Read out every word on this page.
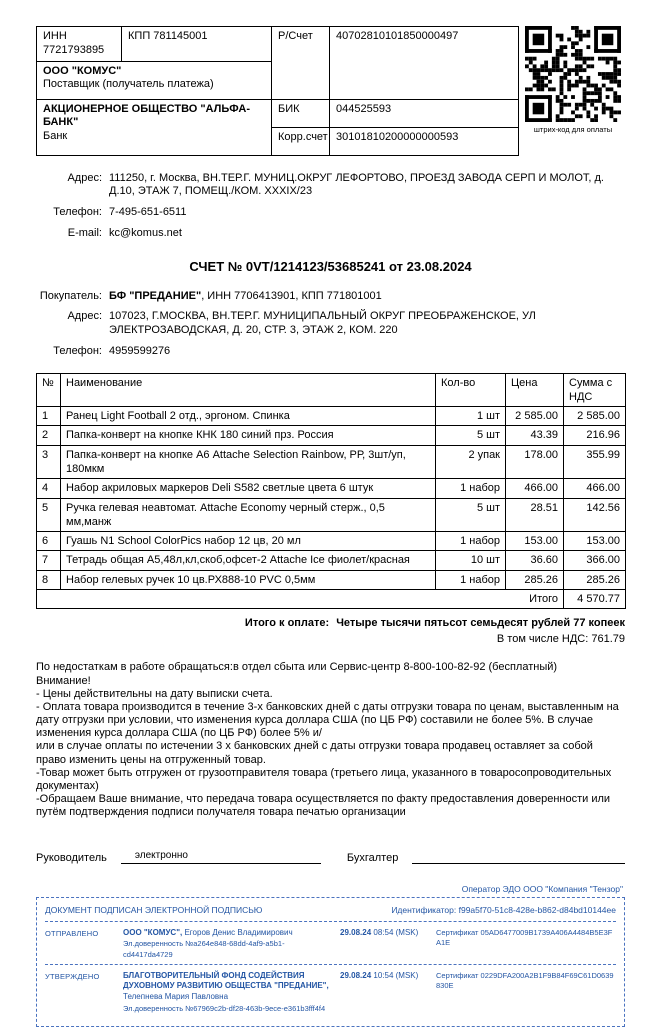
ИНН 7721793895	КПП 781145001	Р/Счет	40702810101850000497

ООО "КОМУС"
Поставщик (получатель платежа)			

АКЦИОНЕРНОЕ ОБЩЕСТВО "АЛЬФА-БАНК"
Банк		БИК	044525593
		Корр.счет	30101810200000000593
штрих-код для оплаты
Адрес: 111250, г. Москва, ВН.ТЕР.Г. МУНИЦ.ОКРУГ ЛЕФОРТОВО, ПРОЕЗД ЗАВОДА СЕРП И МОЛОТ, д. Д.10, ЭТАЖ 7, ПОМЕЩ./КОМ. XXXIX/23
Телефон: 7-495-651-6511
E-mail: kc@komus.net
СЧЕТ № 0VT/1214123/53685241 от 23.08.2024
Покупатель: БФ "ПРЕДАНИЕ", ИНН 7706413901, КПП 771801001
Адрес: 107023, Г.МОСКВА, ВН.ТЕР.Г. МУНИЦИПАЛЬНЫЙ ОКРУГ ПРЕОБРАЖЕНСКОЕ, УЛ ЭЛЕКТРОЗАВОДСКАЯ, Д. 20, СТР. 3, ЭТАЖ 2, КОМ. 220
Телефон: 4959599276
№	Наименование	Кол-во	Цена	Сумма с НДС
1	Ранец Light Football 2 отд., эргоном. Спинка	1 шт	2 585.00	2 585.00
2	Папка-конверт на кнопке КНК 180 синий прз. Россия	5 шт	43.39	216.96
3	Папка-конверт на кнопке А6 Attache Selection Rainbow, РР, 3шт/уп, 180мкм	2 упак	178.00	355.99
4	Набор акриловых маркеров Deli S582 светлые цвета 6 штук	1 набор	466.00	466.00
5	Ручка гелевая неавтомат. Attache Economy черный стерж., 0,5 мм,манж	5 шт	28.51	142.56
6	Гуашь N1 School ColorPics набор 12 цв, 20 мл	1 набор	153.00	153.00
7	Тетрадь общая А5,48л,кл,скоб,офсет-2 Attache Ice фиолет/красная	10 шт	36.60	366.00
8	Набор гелевых ручек 10 цв.РХ888-10 PVC 0,5мм	1 набор	285.26	285.26
Итого				4 570.77
Итого к оплате: Четыре тысячи пятьсот семьдесят рублей 77 копеек
В том числе НДС: 761.79

По недостаткам в работе обращаться:в отдел сбыта или Сервис-центр 8-800-100-82-92 (бесплатный)

Внимание!

- Цены действительны на дату выписки счета.

- Оплата товара производится в течение 3-х банковских дней с даты отгрузки товара по ценам, выставленным на дату отгрузки при условии, что изменения курса доллара США (по ЦБ РФ) составили не более 5%. В случае изменения курса доллара США (по ЦБ РФ) более 5% и/

или в случае оплаты по истечении 3 х банковских дней с даты отгрузки товара продавец оставляет за собой право изменить цены на отгруженный товар.

-Товар может быть отгружен от грузоотправителя товара (третьего лица, указанного в товаросопроводительных документах)

-Обращаем Ваше внимание, что передача товара осуществляется по факту предоставления доверенности или путём подтверждения подписи получателя товара печатью организации

Руководитель	электронно	Бухгалтер
Оператор ЭДО ООО "Компания "Тензор"
ДОКУМЕНТ ПОДПИСАН ЭЛЕКТРОННОЙ ПОДПИСЬЮ	Идентификатор: f99a5f70-51c8-428e-b862-d84bd10144ee
ОТПРАВЛЕНО	ООО "КОМУС", Егоров Денис Владимирович
Эл.доверенность №a264e848-68dd-4af9-a5b1-cd4417da4729
29.08.24 08:54 (MSK)	Сертификат 05AD6477009B1739A406A4484B5E3FA1E
УТВЕРЖДЕНО	БЛАГОТВОРИТЕЛЬНЫЙ ФОНД СОДЕЙСТВИЯ ДУХОВНОМУ РАЗВИТИЮ ОБЩЕСТВА "ПРЕДАНИЕ", Телепнева Мария Павловна
Эл.доверенность №67969c2b-df28-463b-9ece-e361b3fff4f4
29.08.24 10:54 (MSK)	Сертификат 0229DFA200A2B1F9B84F69C61D0639830E
